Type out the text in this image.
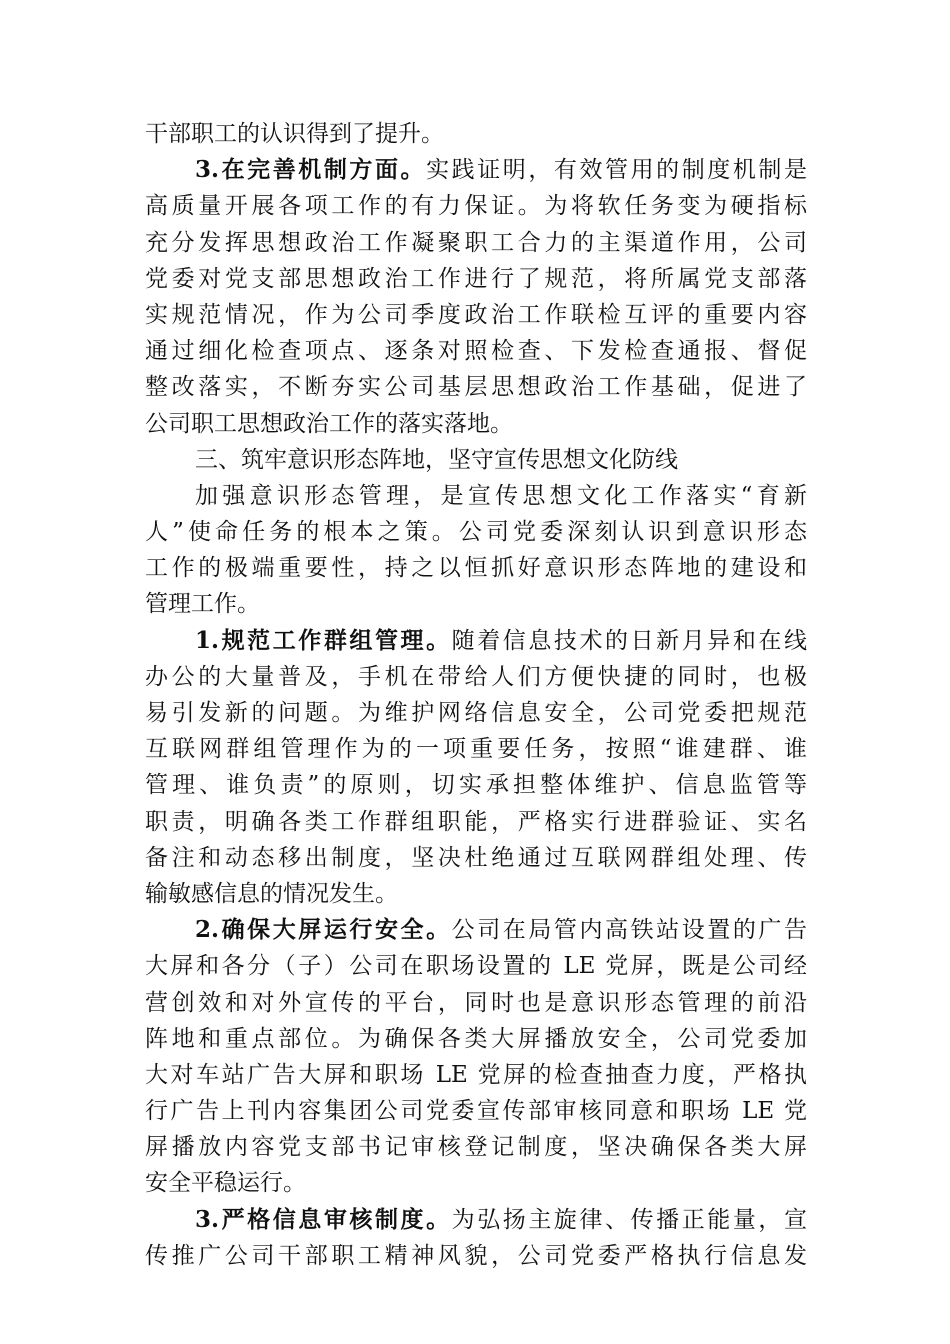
干部职工的认识得到了提升。
3.在完善机制方面。实践证明，有效管用的制度机制是
高质量开展各项工作的有力保证。为将软任务变为硬指标
充分发挥思想政治工作凝聚职工合力的主渠道作用，公司
党委对党支部思想政治工作进行了规范，将所属党支部落
实规范情况，作为公司季度政治工作联检互评的重要内容
通过细化检查项点、逐条对照检查、下发检查通报、督促
整改落实，不断夯实公司基层思想政治工作基础，促进了
公司职工思想政治工作的落实落地。
三、筑牢意识形态阵地，坚守宣传思想文化防线
加强意识形态管理，是宣传思想文化工作落实“育新
人”使命任务的根本之策。公司党委深刻认识到意识形态
工作的极端重要性，持之以恒抓好意识形态阵地的建设和
管理工作。
1.规范工作群组管理。随着信息技术的日新月异和在线
办公的大量普及，手机在带给人们方便快捷的同时，也极
易引发新的问题。为维护网络信息安全，公司党委把规范
互联网群组管理作为的一项重要任务，按照“谁建群、谁
管理、谁负责”的原则，切实承担整体维护、信息监管等
职责，明确各类工作群组职能，严格实行进群验证、实名
备注和动态移出制度，坚决杜绝通过互联网群组处理、传
输敏感信息的情况发生。
2.确保大屏运行安全。公司在局管内高铁站设置的广告
大屏和各分（子）公司在职场设置的 LE 党屏，既是公司经
营创效和对外宣传的平台，同时也是意识形态管理的前沿
阵地和重点部位。为确保各类大屏播放安全，公司党委加
大对车站广告大屏和职场 LE 党屏的检查抽查力度，严格执
行广告上刊内容集团公司党委宣传部审核同意和职场 LE 党
屏播放内容党支部书记审核登记制度，坚决确保各类大屏
安全平稳运行。
3.严格信息审核制度。为弘扬主旋律、传播正能量，宣
传推广公司干部职工精神风貌，公司党委严格执行信息发
